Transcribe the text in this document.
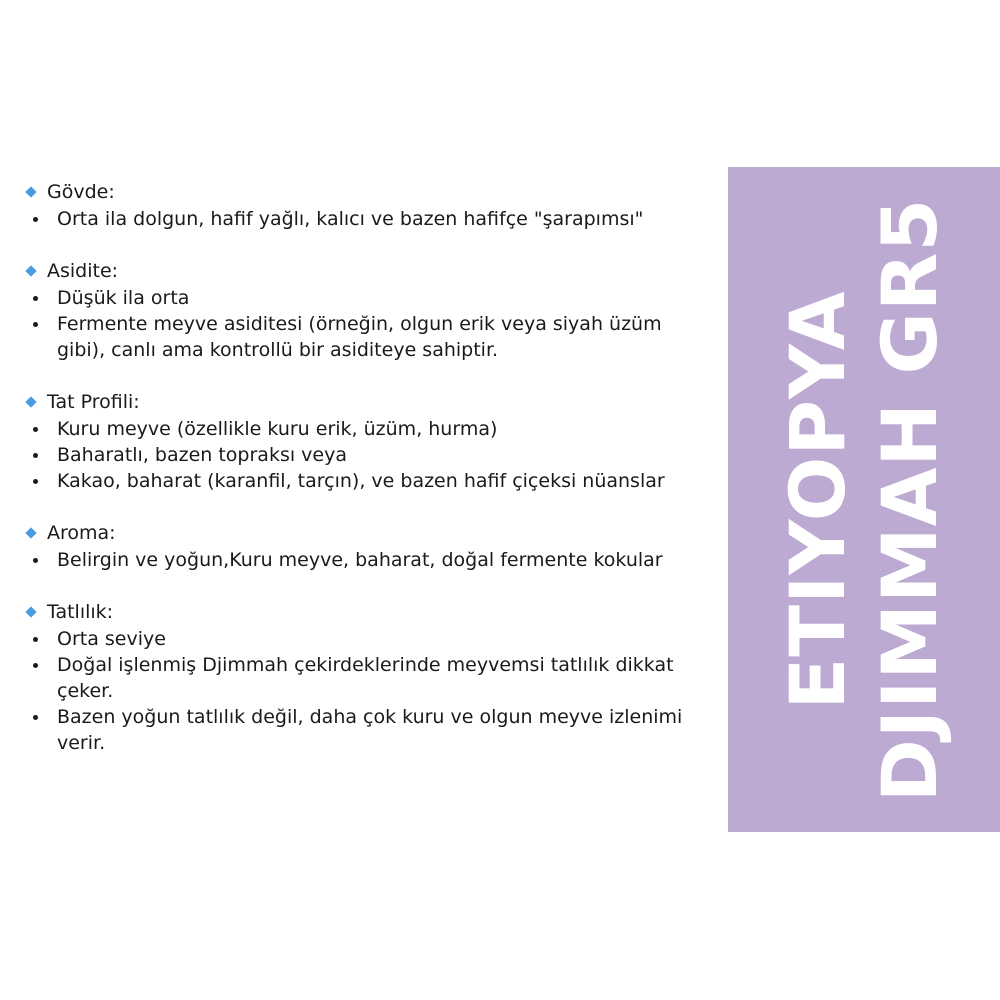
Gövde :
Orta ila dolgun, hafif yağlı, kalıcı ve bazen hafifçe "şarapımsı"
Asidite :
Düşük ila orta
Fermente meyve asiditesi (örneğin, olgun erik veya siyah üzüm gibi), canlı ama kontrollü bir asiditeye sahiptir.
Tat Profili:
Kuru meyve (özellikle kuru erik, üzüm, hurma)
Baharatlı, bazen topraksı veya
Kakao, baharat (karanfil, tarçın), ve bazen hafif çiçeksi nüanslar
Aroma:
Belirgin ve yoğun,Kuru meyve, baharat, doğal fermente kokular
Tatlılık :
Orta seviye
Doğal işlenmiş Djimmah çekirdeklerinde meyvemsi tatlılık dikkat çeker.
Bazen yoğun tatlılık değil, daha çok kuru ve olgun meyve izlenimi verir.
ETIYOPYA DJIMMAH GR5
